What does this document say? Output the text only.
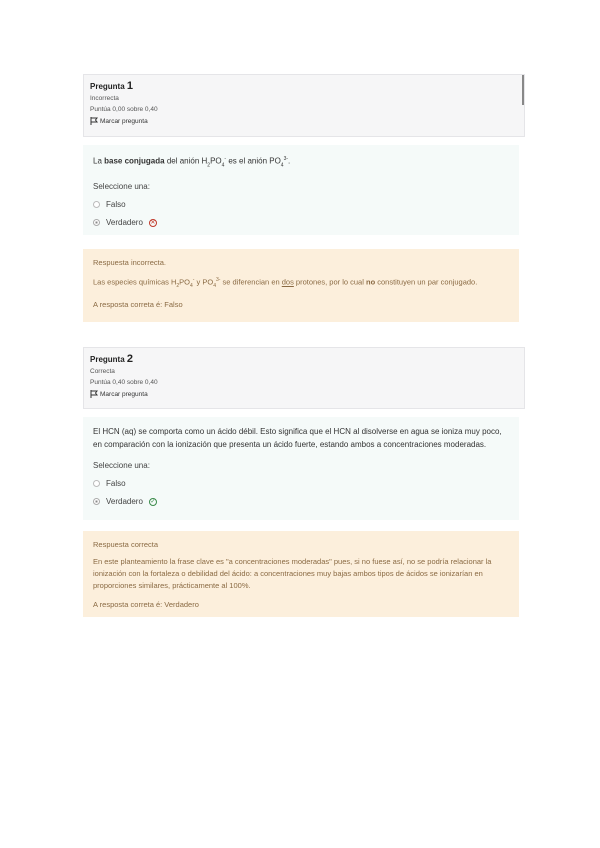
Pregunta 1
Incorrecta
Puntúa 0,00 sobre 0,40
Marcar pregunta
La base conjugada del anión $H_2PO_4^-$ es el anión $PO_4^{3-}$.
Seleccione una:
Falso
Verdadero ✕
Respuesta incorrecta.
Las especies químicas $H_2PO_4^-$ y $PO_4^{3-}$ se diferencian en dos protones, por lo cual no constituyen un par conjugado.
A resposta correta é: Falso
Pregunta 2
Correcta
Puntúa 0,40 sobre 0,40
Marcar pregunta
El HCN (aq) se comporta como un ácido débil. Esto significa que el HCN al disolverse en agua se ioniza muy poco, en comparación con la ionización que presenta un ácido fuerte, estando ambos a concentraciones moderadas.
Seleccione una:
Falso
Verdadero ✓
Respuesta correcta
En este planteamiento la frase clave es "a concentraciones moderadas" pues, si no fuese así, no se podría relacionar la ionización con la fortaleza o debilidad del ácido: a concentraciones muy bajas ambos tipos de ácidos se ionizarían en proporciones similares, prácticamente al 100%.
A resposta correta é: Verdadero
